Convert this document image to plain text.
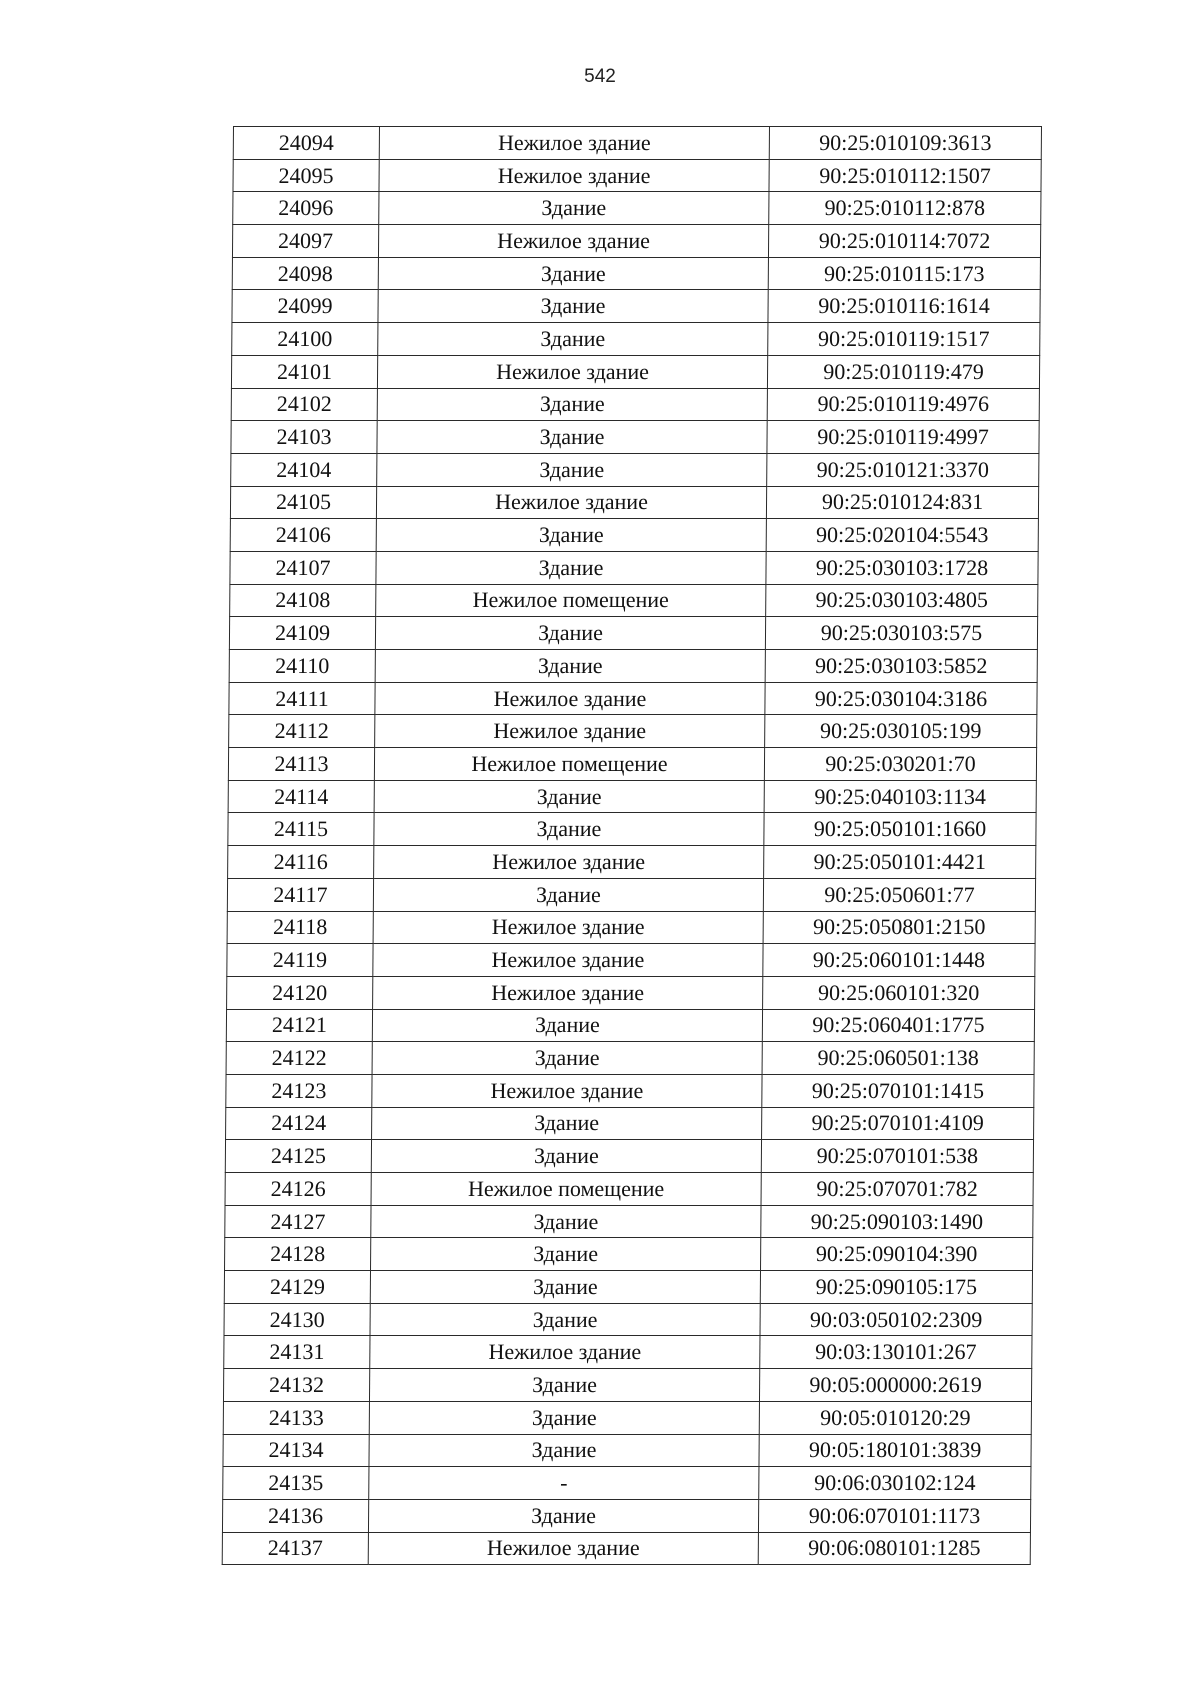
542
24094	Нежилое здание	90:25:010109:3613
24095	Нежилое здание	90:25:010112:1507
24096	Здание	90:25:010112:878
24097	Нежилое здание	90:25:010114:7072
24098	Здание	90:25:010115:173
24099	Здание	90:25:010116:1614
24100	Здание	90:25:010119:1517
24101	Нежилое здание	90:25:010119:479
24102	Здание	90:25:010119:4976
24103	Здание	90:25:010119:4997
24104	Здание	90:25:010121:3370
24105	Нежилое здание	90:25:010124:831
24106	Здание	90:25:020104:5543
24107	Здание	90:25:030103:1728
24108	Нежилое помещение	90:25:030103:4805
24109	Здание	90:25:030103:575
24110	Здание	90:25:030103:5852
24111	Нежилое здание	90:25:030104:3186
24112	Нежилое здание	90:25:030105:199
24113	Нежилое помещение	90:25:030201:70
24114	Здание	90:25:040103:1134
24115	Здание	90:25:050101:1660
24116	Нежилое здание	90:25:050101:4421
24117	Здание	90:25:050601:77
24118	Нежилое здание	90:25:050801:2150
24119	Нежилое здание	90:25:060101:1448
24120	Нежилое здание	90:25:060101:320
24121	Здание	90:25:060401:1775
24122	Здание	90:25:060501:138
24123	Нежилое здание	90:25:070101:1415
24124	Здание	90:25:070101:4109
24125	Здание	90:25:070101:538
24126	Нежилое помещение	90:25:070701:782
24127	Здание	90:25:090103:1490
24128	Здание	90:25:090104:390
24129	Здание	90:25:090105:175
24130	Здание	90:03:050102:2309
24131	Нежилое здание	90:03:130101:267
24132	Здание	90:05:000000:2619
24133	Здание	90:05:010120:29
24134	Здание	90:05:180101:3839
24135	-	90:06:030102:124
24136	Здание	90:06:070101:1173
24137	Нежилое здание	90:06:080101:1285
